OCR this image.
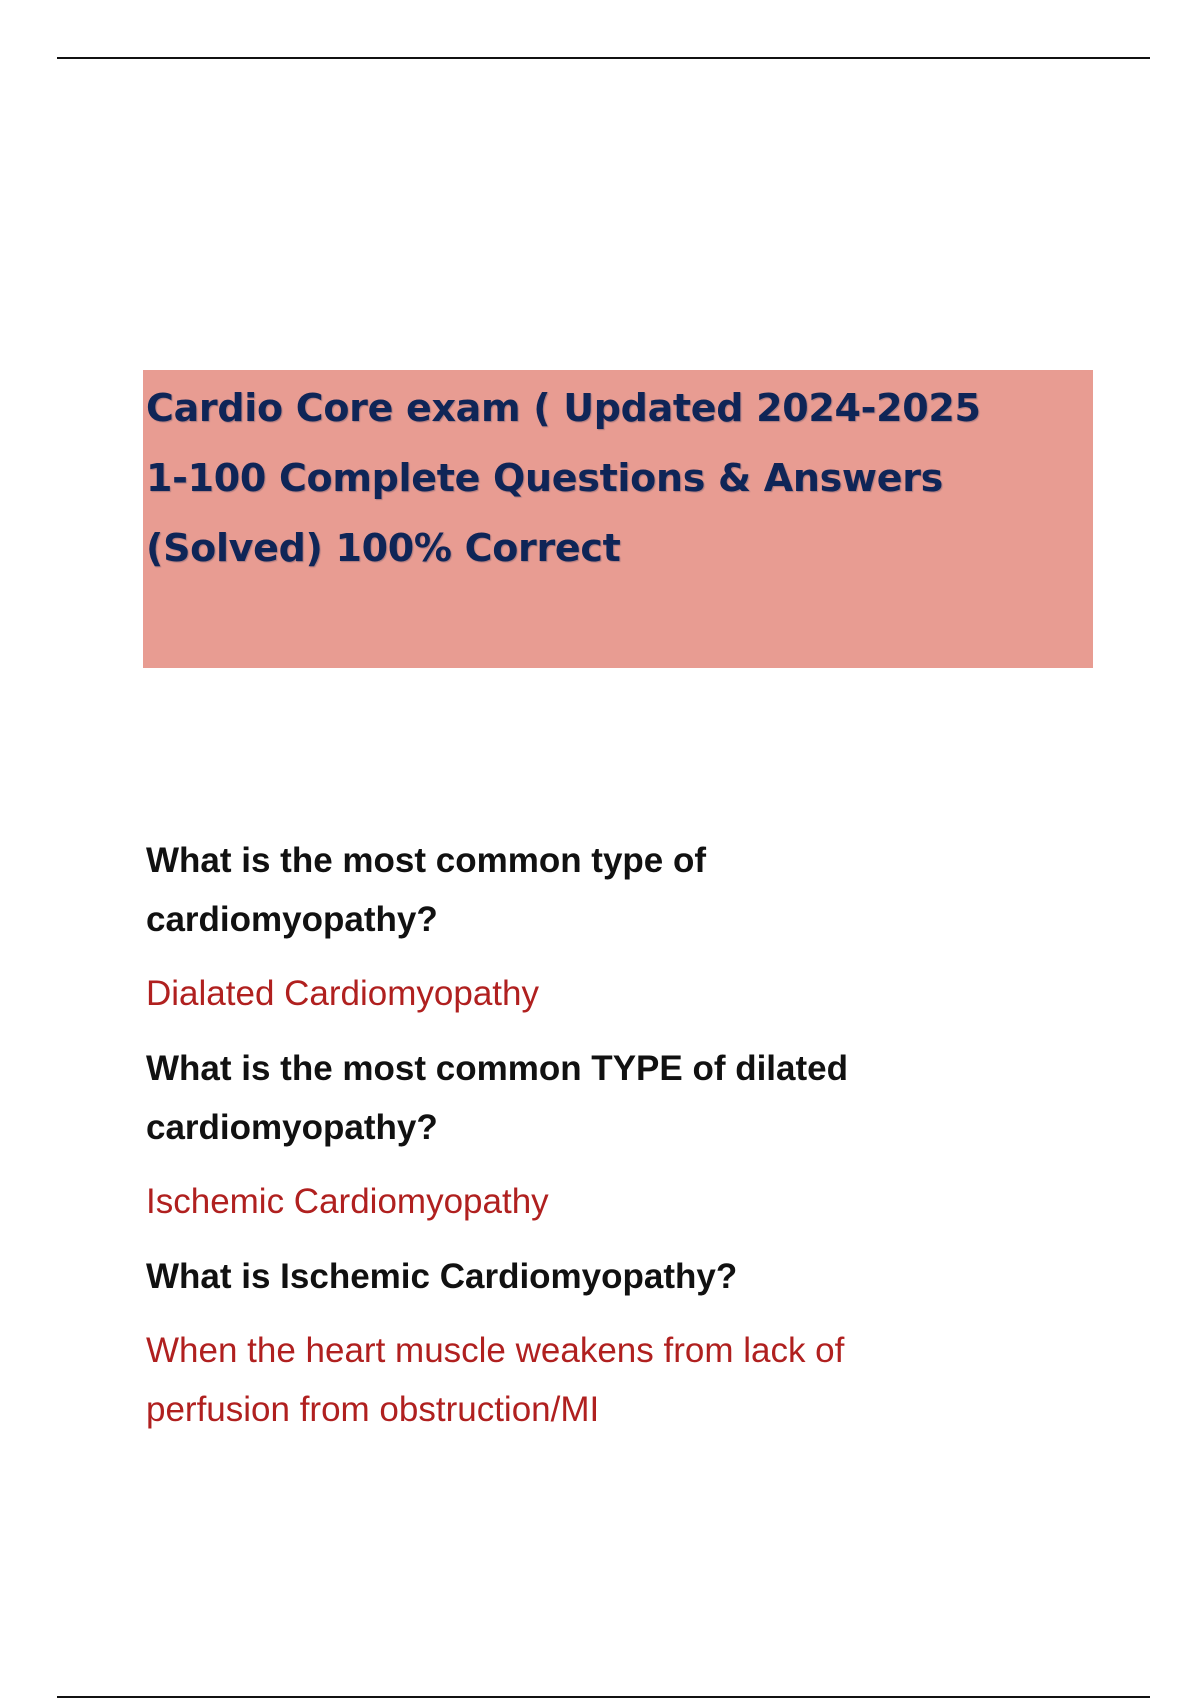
Cardio Core exam ( Updated 2024-2025
1-100 Complete Questions & Answers
(Solved) 100% Correct
What is the most common type of
cardiomyopathy?
Dialated Cardiomyopathy
What is the most common TYPE of dilated
cardiomyopathy?
Ischemic Cardiomyopathy
What is Ischemic Cardiomyopathy?
When the heart muscle weakens from lack of
perfusion from obstruction/MI
